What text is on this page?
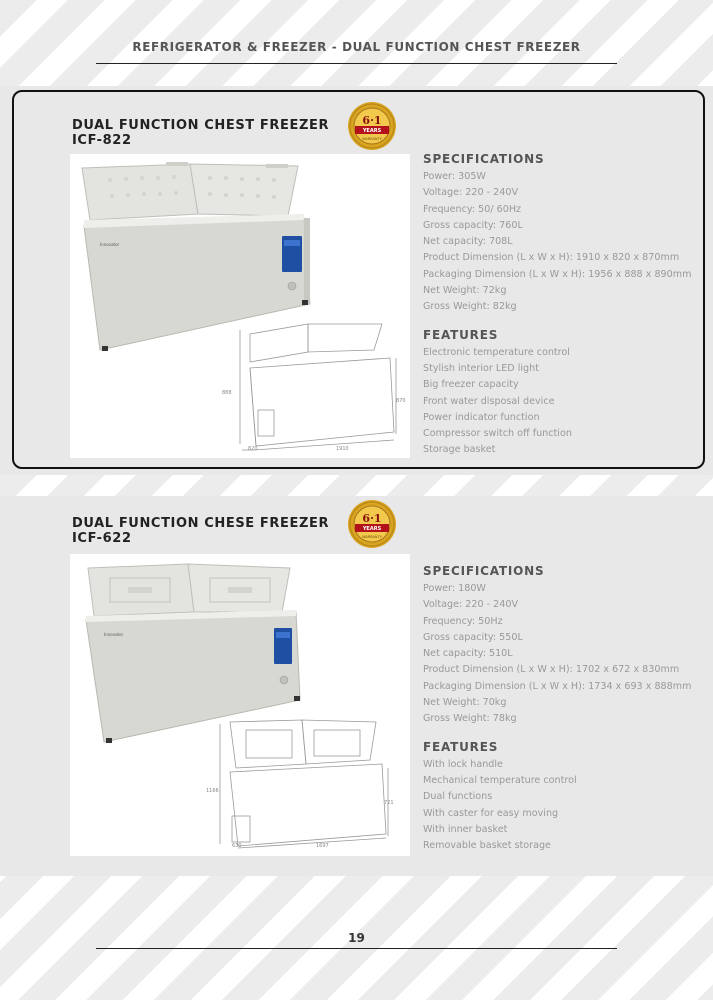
REFRIGERATOR & FREEZER - DUAL FUNCTION CHEST FREEZER
DUAL FUNCTION CHEST FREEZER
ICF-822
6·1
YEARS
WARRANTY
Innovator
888
870
820	1910
SPECIFICATIONS
Power: 305W
Voltage: 220 - 240V
Frequency: 50/ 60Hz
Gross capacity: 760L
Net capacity: 708L
Product Dimension (L x W x H): 1910 x 820 x 870mm
Packaging Dimension (L x W x H): 1956 x 888 x 890mm
Net Weight: 72kg
Gross Weight: 82kg
FEATURES
Electronic temperature control
Stylish interior LED light
Big freezer capacity
Front water disposal device
Power indicator function
Compressor switch off function
Storage basket
DUAL FUNCTION CHESE FREEZER
ICF-622
6·1
YEARS
WARRANTY
Innovator
1166
721
630	1697
SPECIFICATIONS
Power: 180W
Voltage: 220 - 240V
Frequency: 50Hz
Gross capacity: 550L
Net capacity: 510L
Product Dimension (L x W x H): 1702 x 672 x 830mm
Packaging Dimension (L x W x H): 1734 x 693 x 888mm
Net Weight: 70kg
Gross Weight: 78kg
FEATURES
With lock handle
Mechanical temperature control
Dual functions
With caster for easy moving
With inner basket
Removable basket storage
19
